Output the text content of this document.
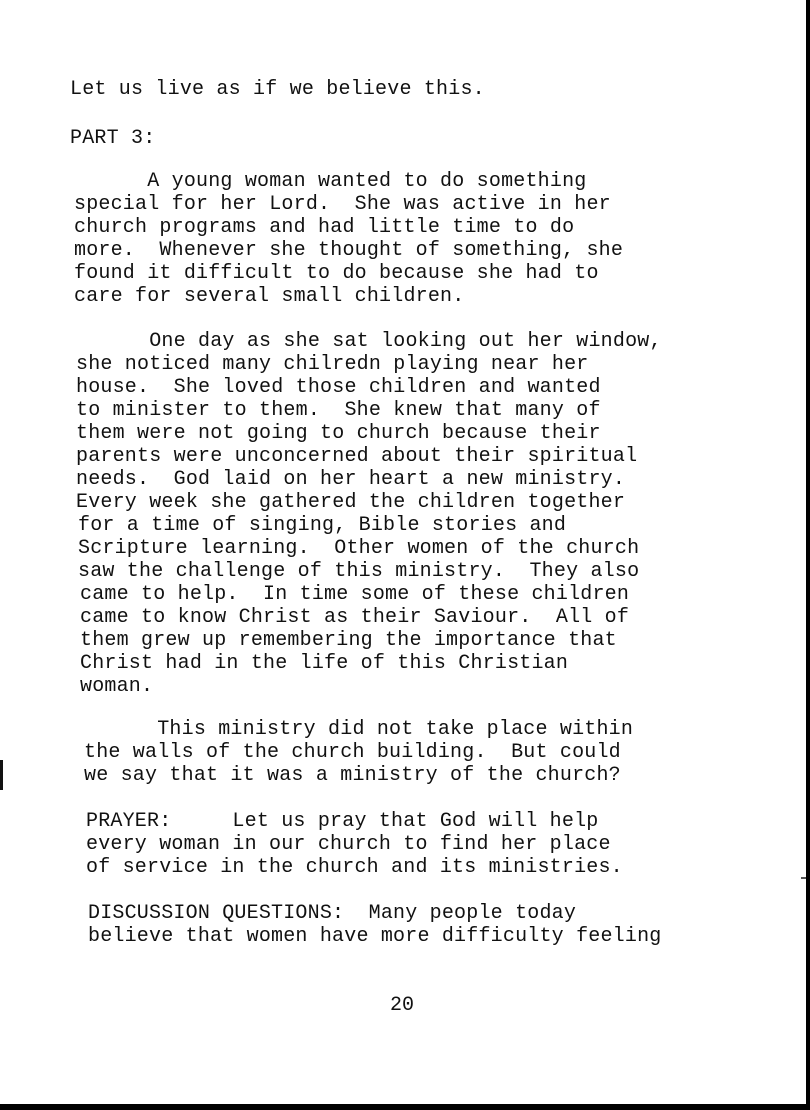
Let us live as if we believe this.
PART 3:
A young woman wanted to do something
special for her Lord.  She was active in her
church programs and had little time to do
more.  Whenever she thought of something, she
found it difficult to do because she had to
care for several small children.
One day as she sat looking out her window,
she noticed many chilredn playing near her
house.  She loved those children and wanted
to minister to them.  She knew that many of
them were not going to church because their
parents were unconcerned about their spiritual
needs.  God laid on her heart a new ministry.
Every week she gathered the children together
for a time of singing, Bible stories and
Scripture learning.  Other women of the church
saw the challenge of this ministry.  They also
came to help.  In time some of these children
came to know Christ as their Saviour.  All of
them grew up remembering the importance that
Christ had in the life of this Christian
woman.
This ministry did not take place within
the walls of the church building.  But could
we say that it was a ministry of the church?
PRAYER:     Let us pray that God will help
every woman in our church to find her place
of service in the church and its ministries.
DISCUSSION QUESTIONS:  Many people today
believe that women have more difficulty feeling
20
